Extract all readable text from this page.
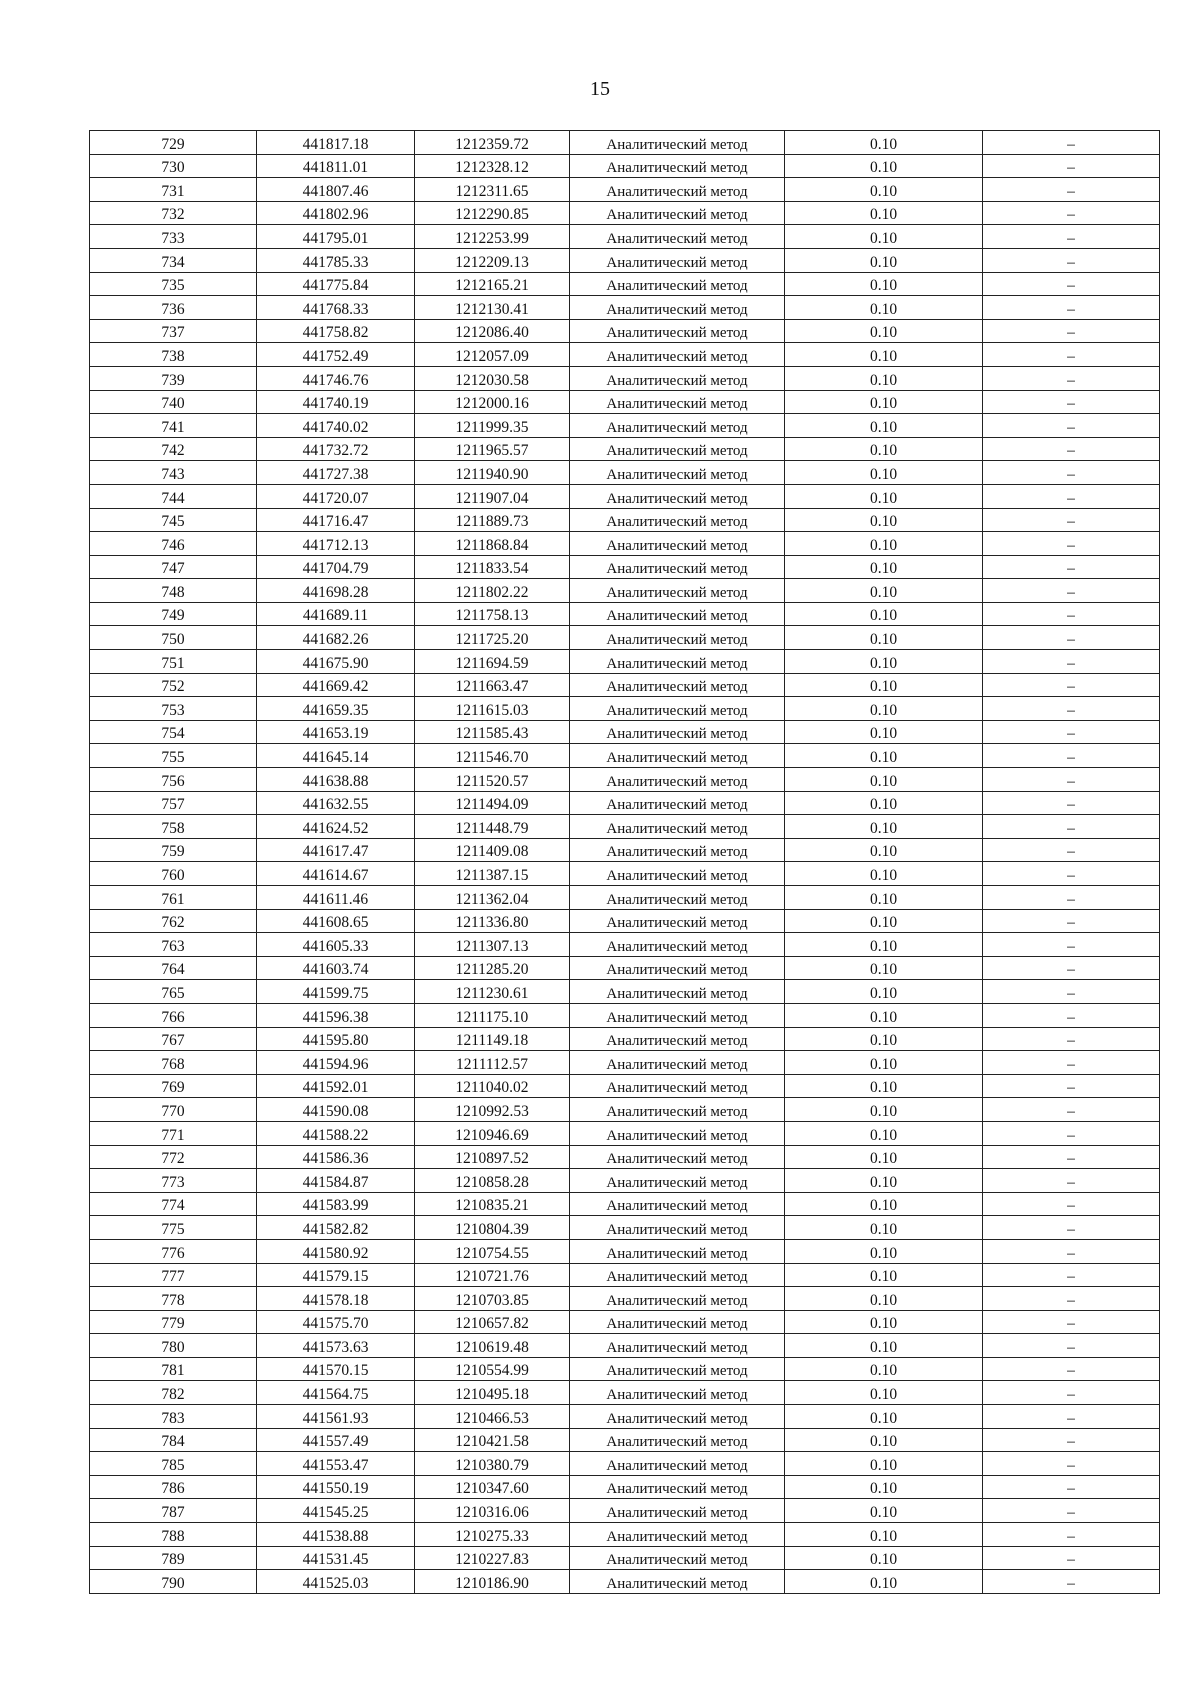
15
729	441817.18	1212359.72	Аналитический метод	0.10	–
730	441811.01	1212328.12	Аналитический метод	0.10	–
731	441807.46	1212311.65	Аналитический метод	0.10	–
732	441802.96	1212290.85	Аналитический метод	0.10	–
733	441795.01	1212253.99	Аналитический метод	0.10	–
734	441785.33	1212209.13	Аналитический метод	0.10	–
735	441775.84	1212165.21	Аналитический метод	0.10	–
736	441768.33	1212130.41	Аналитический метод	0.10	–
737	441758.82	1212086.40	Аналитический метод	0.10	–
738	441752.49	1212057.09	Аналитический метод	0.10	–
739	441746.76	1212030.58	Аналитический метод	0.10	–
740	441740.19	1212000.16	Аналитический метод	0.10	–
741	441740.02	1211999.35	Аналитический метод	0.10	–
742	441732.72	1211965.57	Аналитический метод	0.10	–
743	441727.38	1211940.90	Аналитический метод	0.10	–
744	441720.07	1211907.04	Аналитический метод	0.10	–
745	441716.47	1211889.73	Аналитический метод	0.10	–
746	441712.13	1211868.84	Аналитический метод	0.10	–
747	441704.79	1211833.54	Аналитический метод	0.10	–
748	441698.28	1211802.22	Аналитический метод	0.10	–
749	441689.11	1211758.13	Аналитический метод	0.10	–
750	441682.26	1211725.20	Аналитический метод	0.10	–
751	441675.90	1211694.59	Аналитический метод	0.10	–
752	441669.42	1211663.47	Аналитический метод	0.10	–
753	441659.35	1211615.03	Аналитический метод	0.10	–
754	441653.19	1211585.43	Аналитический метод	0.10	–
755	441645.14	1211546.70	Аналитический метод	0.10	–
756	441638.88	1211520.57	Аналитический метод	0.10	–
757	441632.55	1211494.09	Аналитический метод	0.10	–
758	441624.52	1211448.79	Аналитический метод	0.10	–
759	441617.47	1211409.08	Аналитический метод	0.10	–
760	441614.67	1211387.15	Аналитический метод	0.10	–
761	441611.46	1211362.04	Аналитический метод	0.10	–
762	441608.65	1211336.80	Аналитический метод	0.10	–
763	441605.33	1211307.13	Аналитический метод	0.10	–
764	441603.74	1211285.20	Аналитический метод	0.10	–
765	441599.75	1211230.61	Аналитический метод	0.10	–
766	441596.38	1211175.10	Аналитический метод	0.10	–
767	441595.80	1211149.18	Аналитический метод	0.10	–
768	441594.96	1211112.57	Аналитический метод	0.10	–
769	441592.01	1211040.02	Аналитический метод	0.10	–
770	441590.08	1210992.53	Аналитический метод	0.10	–
771	441588.22	1210946.69	Аналитический метод	0.10	–
772	441586.36	1210897.52	Аналитический метод	0.10	–
773	441584.87	1210858.28	Аналитический метод	0.10	–
774	441583.99	1210835.21	Аналитический метод	0.10	–
775	441582.82	1210804.39	Аналитический метод	0.10	–
776	441580.92	1210754.55	Аналитический метод	0.10	–
777	441579.15	1210721.76	Аналитический метод	0.10	–
778	441578.18	1210703.85	Аналитический метод	0.10	–
779	441575.70	1210657.82	Аналитический метод	0.10	–
780	441573.63	1210619.48	Аналитический метод	0.10	–
781	441570.15	1210554.99	Аналитический метод	0.10	–
782	441564.75	1210495.18	Аналитический метод	0.10	–
783	441561.93	1210466.53	Аналитический метод	0.10	–
784	441557.49	1210421.58	Аналитический метод	0.10	–
785	441553.47	1210380.79	Аналитический метод	0.10	–
786	441550.19	1210347.60	Аналитический метод	0.10	–
787	441545.25	1210316.06	Аналитический метод	0.10	–
788	441538.88	1210275.33	Аналитический метод	0.10	–
789	441531.45	1210227.83	Аналитический метод	0.10	–
790	441525.03	1210186.90	Аналитический метод	0.10	–
